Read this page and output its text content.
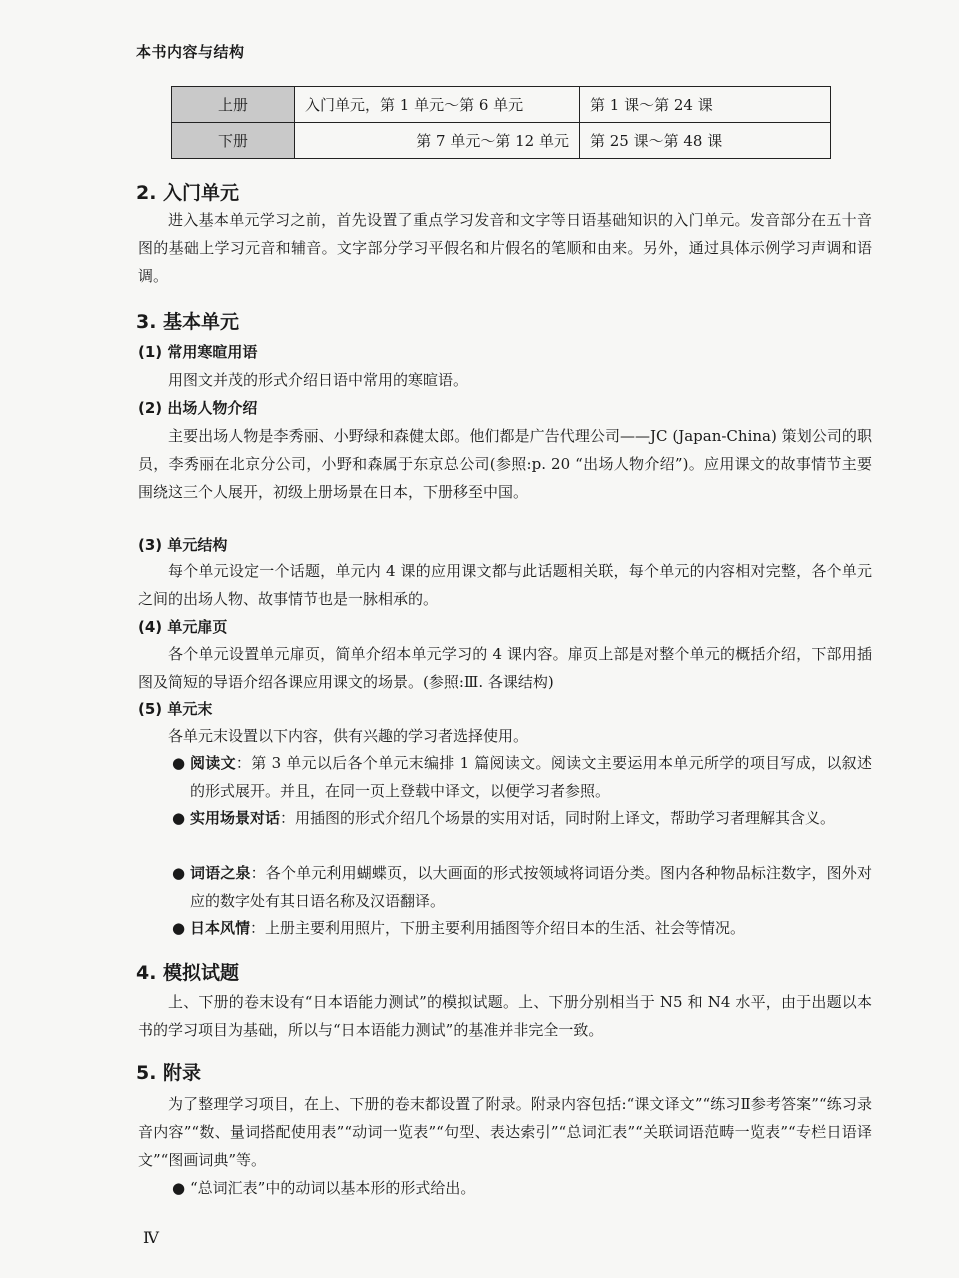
本书内容与结构
上册	入门单元，第 1 单元～第 6 单元	第 1 课～第 24 课
下册	第 7 单元～第 12 单元	第 25 课～第 48 课
2. 入门单元
进入基本单元学习之前，首先设置了重点学习发音和文字等日语基础知识的入门单元。发音部分在五十音图的基础上学习元音和辅音。文字部分学习平假名和片假名的笔顺和由来。另外，通过具体示例学习声调和语调。
3. 基本单元
(1) 常用寒暄用语
用图文并茂的形式介绍日语中常用的寒暄语。
(2) 出场人物介绍
主要出场人物是李秀丽、小野绿和森健太郎。他们都是广告代理公司——JC (Japan-China) 策划公司的职员，李秀丽在北京分公司，小野和森属于东京总公司(参照:p. 20 “出场人物介绍”)。应用课文的故事情节主要围绕这三个人展开，初级上册场景在日本，下册移至中国。
(3) 单元结构
每个单元设定一个话题，单元内 4 课的应用课文都与此话题相关联，每个单元的内容相对完整，各个单元之间的出场人物、故事情节也是一脉相承的。
(4) 单元扉页
各个单元设置单元扉页，简单介绍本单元学习的 4 课内容。扉页上部是对整个单元的概括介绍，下部用插图及简短的导语介绍各课应用课文的场景。(参照:Ⅲ. 各课结构)
(5) 单元末
各单元末设置以下内容，供有兴趣的学习者选择使用。
● 阅读文：第 3 单元以后各个单元末编排 1 篇阅读文。阅读文主要运用本单元所学的项目写成，以叙述的形式展开。并且，在同一页上登载中译文，以便学习者参照。
● 实用场景对话：用插图的形式介绍几个场景的实用对话，同时附上译文，帮助学习者理解其含义。
● 词语之泉：各个单元利用蝴蝶页，以大画面的形式按领域将词语分类。图内各种物品标注数字，图外对应的数字处有其日语名称及汉语翻译。
● 日本风情：上册主要利用照片，下册主要利用插图等介绍日本的生活、社会等情况。
4. 模拟试题
上、下册的卷末设有“日本语能力测试”的模拟试题。上、下册分别相当于 N5 和 N4 水平，由于出题以本书的学习项目为基础，所以与“日本语能力测试”的基准并非完全一致。
5. 附录
为了整理学习项目，在上、下册的卷末都设置了附录。附录内容包括:“课文译文”“练习Ⅱ参考答案”“练习录音内容”“数、量词搭配使用表”“动词一览表”“句型、表达索引”“总词汇表”“关联词语范畴一览表”“专栏日语译文”“图画词典”等。
● “总词汇表”中的动词以基本形的形式给出。
Ⅳ
